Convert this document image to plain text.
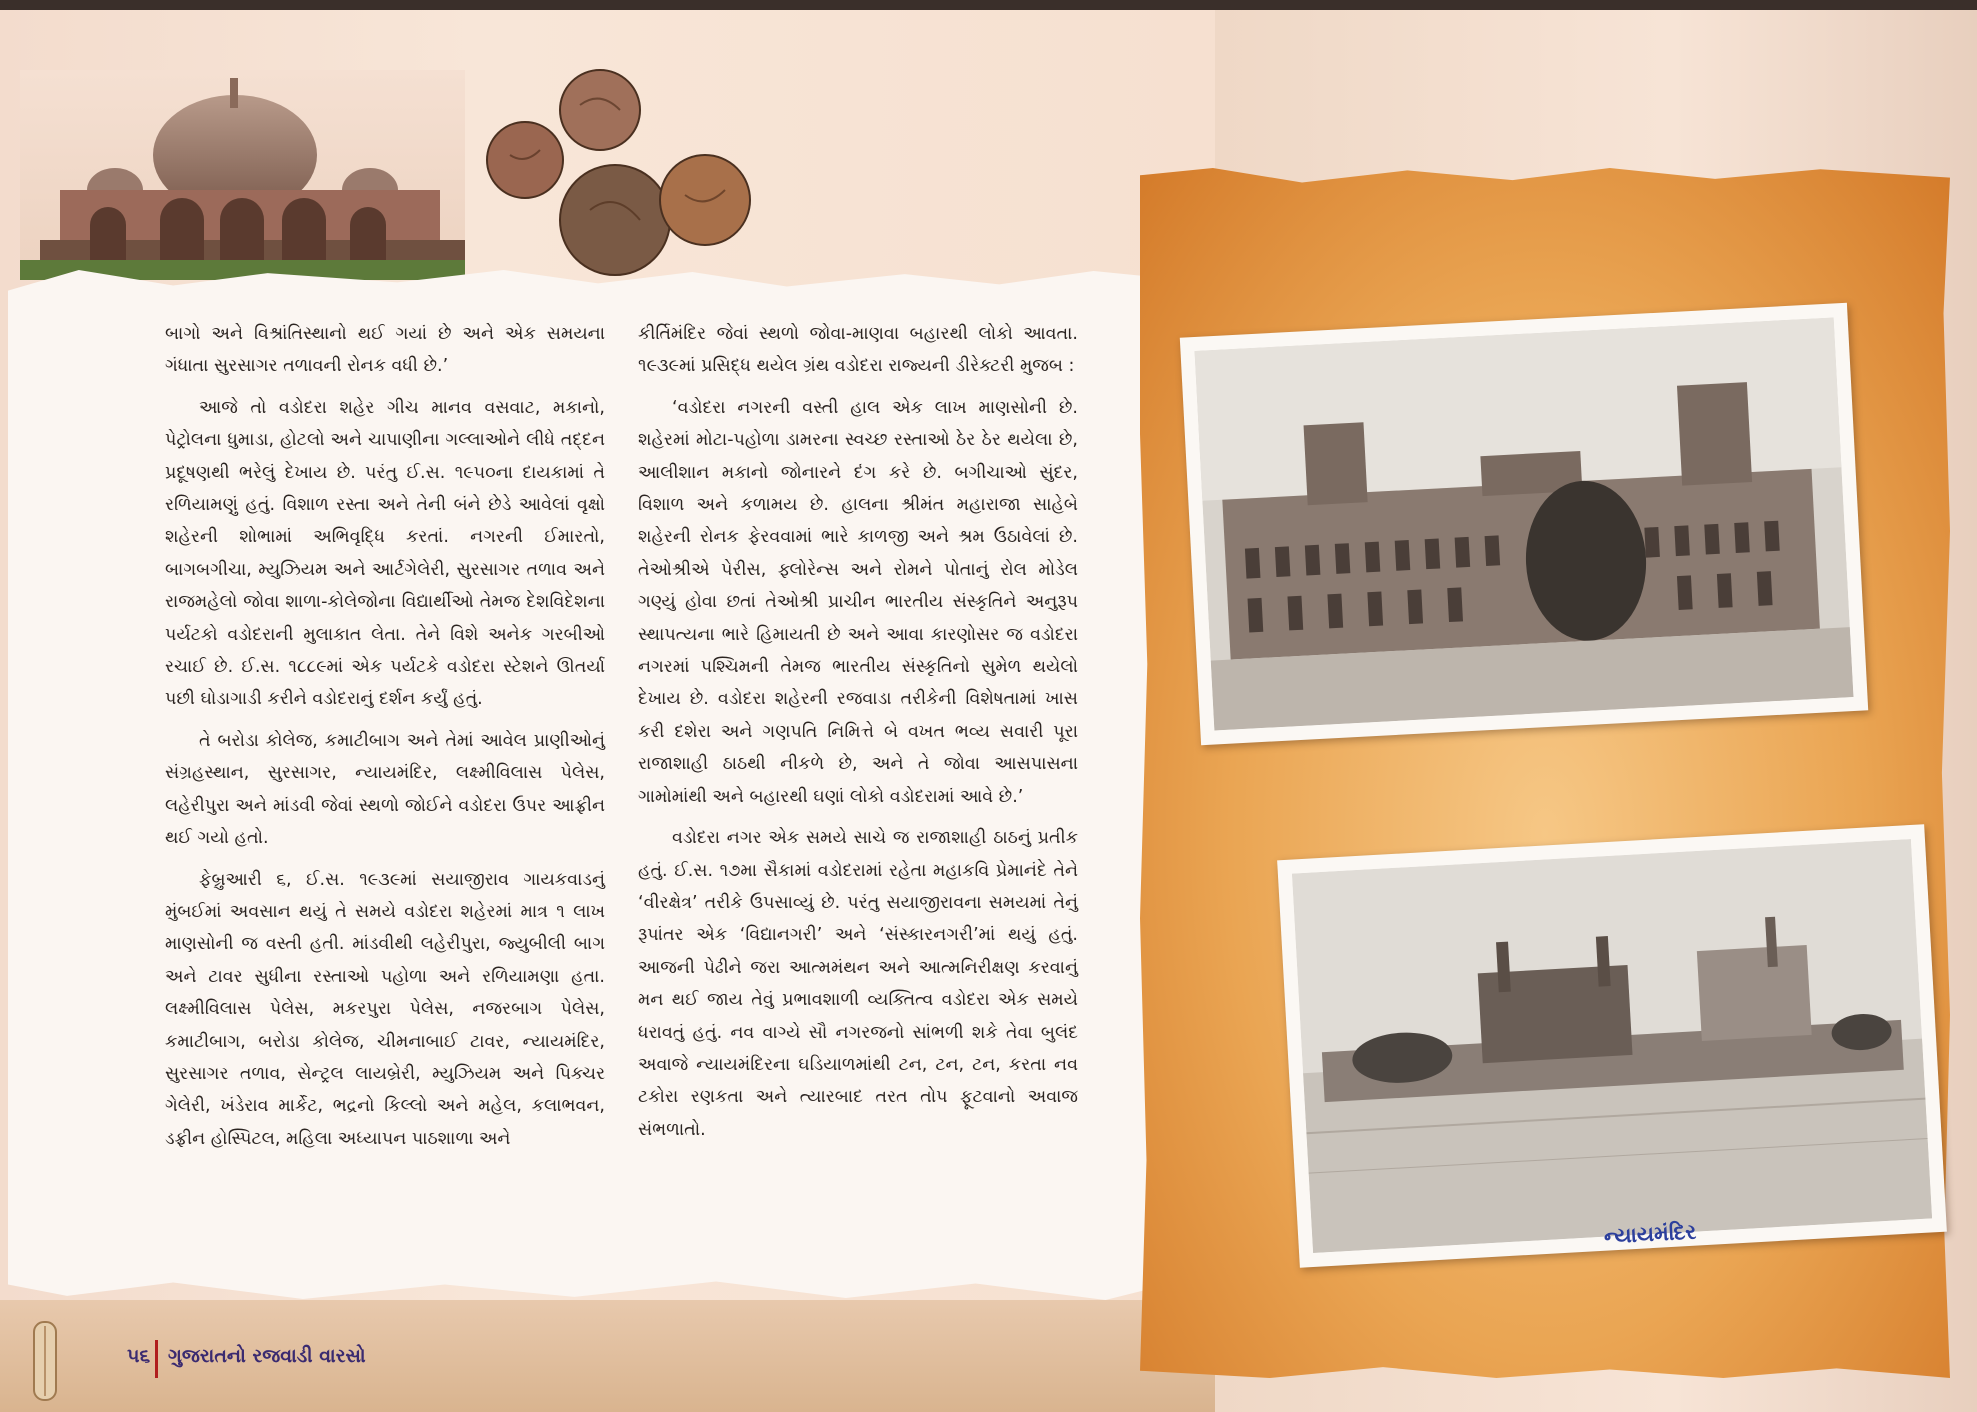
બાગો અને વિશ્રાંતિસ્થાનો થઈ ગયાં છે અને એક સમયના ગંધાતા સુરસાગર તળાવની રોનક વધી છે.’

આજે તો વડોદરા શહેર ગીચ માનવ વસવાટ, મકાનો, પેટ્રોલના ધુમાડા, હોટલો અને ચાપાણીના ગલ્લાઓને લીધે તદ્દન પ્રદૂષણથી ભરેલું દેખાય છે. પરંતુ ઈ.સ. ૧૯૫૦ના દાયકામાં તે રળિયામણું હતું. વિશાળ રસ્તા અને તેની બંને છેડે આવેલાં વૃક્ષો શહેરની શોભામાં અભિવૃદ્ધિ કરતાં. નગરની ઈમારતો, બાગબગીચા, મ્યુઝિયમ અને આર્ટગેલેરી, સુરસાગર તળાવ અને રાજમહેલો જોવા શાળા-કોલેજોના વિદ્યાર્થીઓ તેમજ દેશવિદેશના પર્યટકો વડોદરાની મુલાકાત લેતા. તેને વિશે અનેક ગરબીઓ રચાઈ છે. ઈ.સ. ૧૮૮૯માં એક પર્યટકે વડોદરા સ્ટેશને ઊતર્યા પછી ઘોડાગાડી કરીને વડોદરાનું દર્શન કર્યું હતું.

તે બરોડા કોલેજ, કમાટીબાગ અને તેમાં આવેલ પ્રાણીઓનું સંગ્રહસ્થાન, સુરસાગર, ન્યાયમંદિર, લક્ષ્મીવિલાસ પેલેસ, લહેરીપુરા અને માંડવી જેવાં સ્થળો જોઈને વડોદરા ઉપર આફ્રીન થઈ ગયો હતો.

ફેબ્રુઆરી ૬, ઈ.સ. ૧૯૩૯માં સયાજીરાવ ગાયકવાડનું મુંબઈમાં અવસાન થયું તે સમયે વડોદરા શહેરમાં માત્ર ૧ લાખ માણસોની જ વસ્તી હતી. માંડવીથી લહેરીપુરા, જ્યુબીલી બાગ અને ટાવર સુધીના રસ્તાઓ પહોળા અને રળિયામણા હતા. લક્ષ્મીવિલાસ પેલેસ, મકરપુરા પેલેસ, નજરબાગ પેલેસ, કમાટીબાગ, બરોડા કોલેજ, ચીમનાબાઈ ટાવર, ન્યાયમંદિર, સુરસાગર તળાવ, સેન્ટ્રલ લાયબ્રેરી, મ્યુઝિયમ અને પિક્ચર ગેલેરી, ખંડેરાવ માર્કેટ, ભદ્રનો કિલ્લો અને મહેલ, કલાભવન, ડફ્રીન હોસ્પિટલ, મહિલા અધ્યાપન પાઠશાળા અને

કીર્તિમંદિર જેવાં સ્થળો જોવા-માણવા બહારથી લોકો આવતા. ૧૯૩૯માં પ્રસિદ્ધ થયેલ ગ્રંથ વડોદરા રાજ્યની ડીરેક્ટરી મુજબ :

‘વડોદરા નગરની વસ્તી હાલ એક લાખ માણસોની છે. શહેરમાં મોટા-પહોળા ડામરના સ્વચ્છ રસ્તાઓ ઠેર ઠેર થયેલા છે, આલીશાન મકાનો જોનારને દંગ કરે છે. બગીચાઓ સુંદર, વિશાળ અને કળામય છે. હાલના શ્રીમંત મહારાજા સાહેબે શહેરની રોનક ફેરવવામાં ભારે કાળજી અને શ્રમ ઉઠાવેલાં છે. તેઓશ્રીએ પેરીસ, ફ્લોરેન્સ અને રોમને પોતાનું રોલ મોડેલ ગણ્યું હોવા છતાં તેઓશ્રી પ્રાચીન ભારતીય સંસ્કૃતિને અનુરૂપ સ્થાપત્યના ભારે હિમાયતી છે અને આવા કારણોસર જ વડોદરા નગરમાં પશ્ચિમની તેમજ ભારતીય સંસ્કૃતિનો સુમેળ થયેલો દેખાય છે. વડોદરા શહેરની રજવાડા તરીકેની વિશેષતામાં ખાસ કરી દશેરા અને ગણપતિ નિમિત્તે બે વખત ભવ્ય સવારી પૂરા રાજાશાહી ઠાઠથી નીકળે છે, અને તે જોવા આસપાસના ગામોમાંથી અને બહારથી ઘણાં લોકો વડોદરામાં આવે છે.’

વડોદરા નગર એક સમયે સાચે જ રાજાશાહી ઠાઠનું પ્રતીક હતું. ઈ.સ. ૧૭મા સૈકામાં વડોદરામાં રહેતા મહાકવિ પ્રેમાનંદે તેને ‘વીરક્ષેત્ર’ તરીકે ઉપસાવ્યું છે. પરંતુ સયાજીરાવના સમયમાં તેનું રૂપાંતર એક ‘વિદ્યાનગરી’ અને ‘સંસ્કારનગરી’માં થયું હતું. આજની પેઢીને જરા આત્મમંથન અને આત્મનિરીક્ષણ કરવાનું મન થઈ જાય તેવું પ્રભાવશાળી વ્યક્તિત્વ વડોદરા એક સમયે ધરાવતું હતું. નવ વાગ્યે સૌ નગરજનો સાંભળી શકે તેવા બુલંદ અવાજે ન્યાયમંદિરના ઘડિયાળમાંથી ટન, ટન, ટન, કરતા નવ ટકોરા રણકતા અને ત્યારબાદ તરત તોપ ફૂટવાનો અવાજ સંભળાતો.

૫૬ ગુજરાતનો રજવાડી વારસો
ન્યાયમંદિર
